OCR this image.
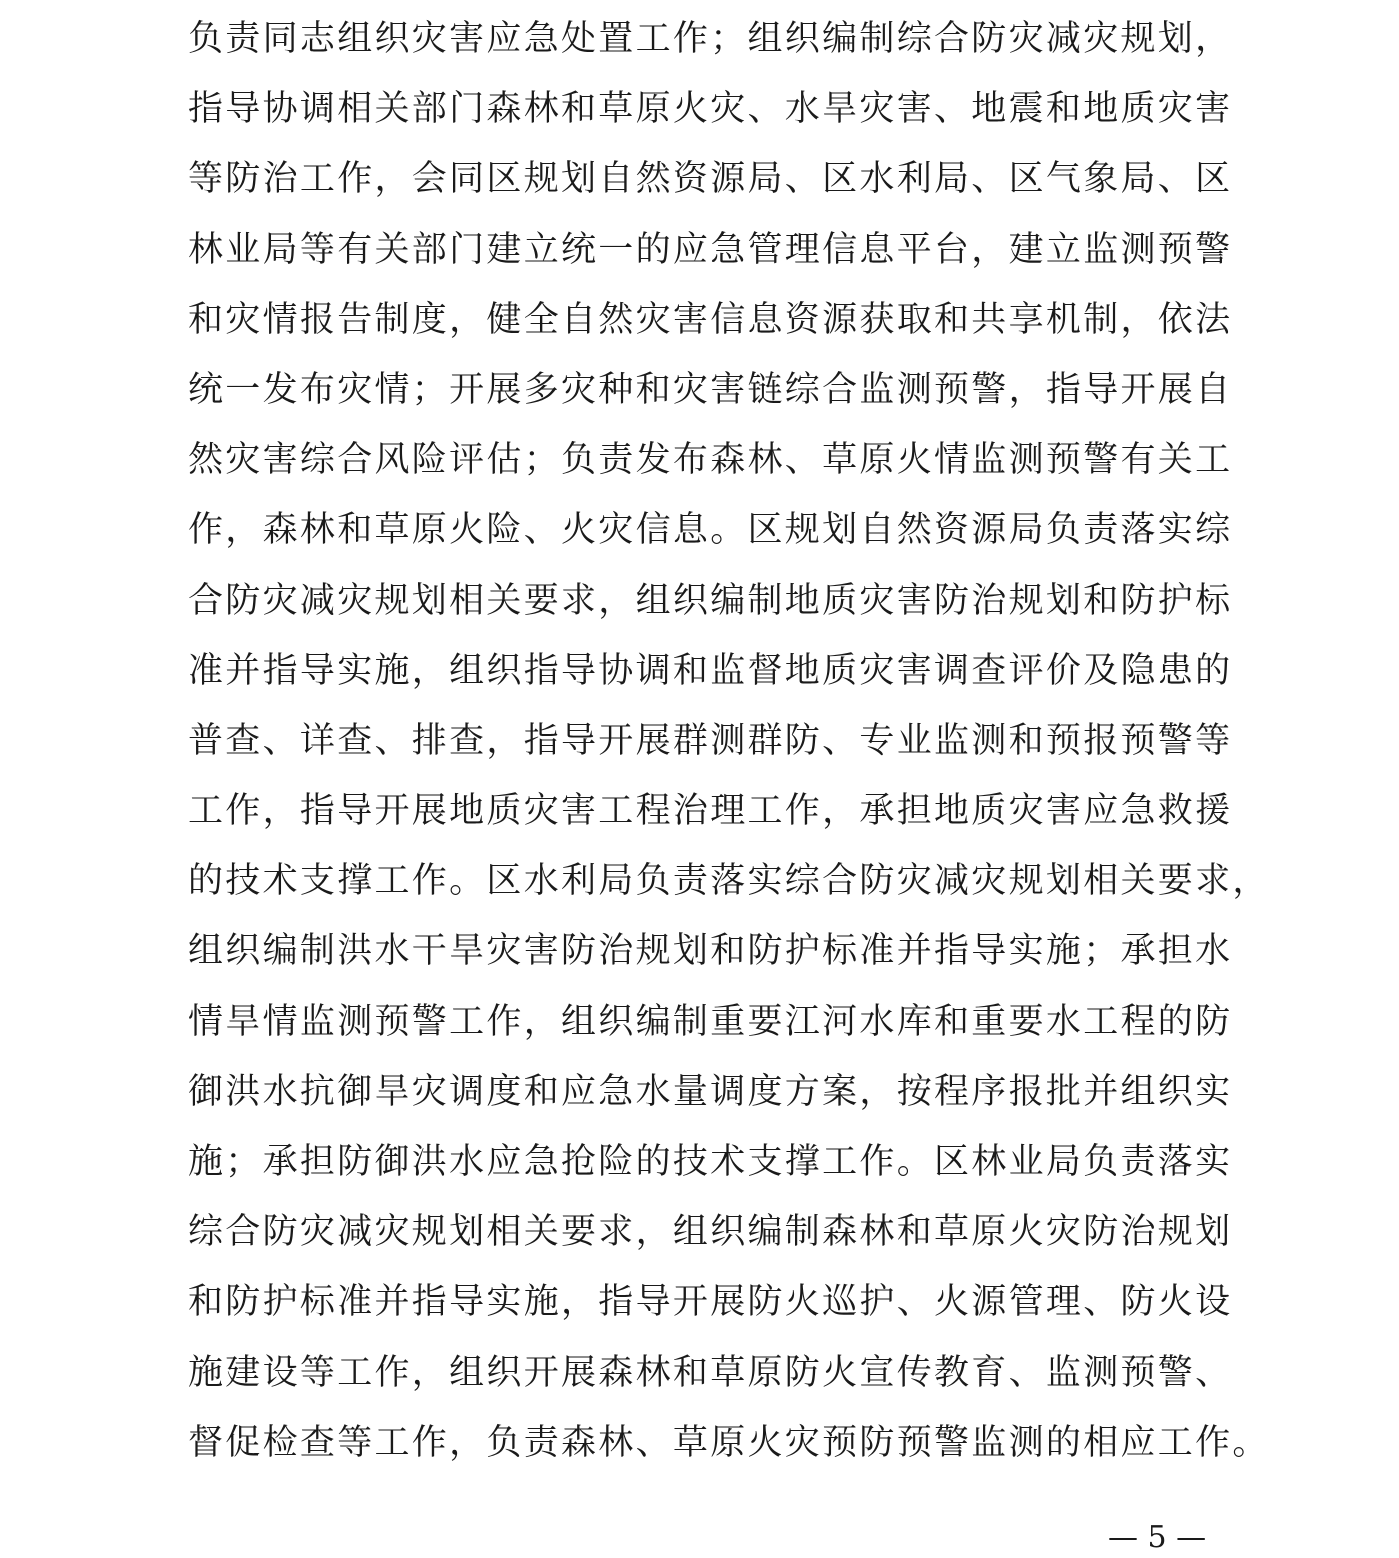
负责同志组织灾害应急处置工作；组织编制综合防灾减灾规划，
指导协调相关部门森林和草原火灾、水旱灾害、地震和地质灾害
等防治工作，会同区规划自然资源局、区水利局、区气象局、区
林业局等有关部门建立统一的应急管理信息平台，建立监测预警
和灾情报告制度，健全自然灾害信息资源获取和共享机制，依法
统一发布灾情；开展多灾种和灾害链综合监测预警，指导开展自
然灾害综合风险评估；负责发布森林、草原火情监测预警有关工
作，森林和草原火险、火灾信息。区规划自然资源局负责落实综
合防灾减灾规划相关要求，组织编制地质灾害防治规划和防护标
准并指导实施，组织指导协调和监督地质灾害调查评价及隐患的
普查、详查、排查，指导开展群测群防、专业监测和预报预警等
工作，指导开展地质灾害工程治理工作，承担地质灾害应急救援
的技术支撑工作。区水利局负责落实综合防灾减灾规划相关要求，
组织编制洪水干旱灾害防治规划和防护标准并指导实施；承担水
情旱情监测预警工作，组织编制重要江河水库和重要水工程的防
御洪水抗御旱灾调度和应急水量调度方案，按程序报批并组织实
施；承担防御洪水应急抢险的技术支撑工作。区林业局负责落实
综合防灾减灾规划相关要求，组织编制森林和草原火灾防治规划
和防护标准并指导实施，指导开展防火巡护、火源管理、防火设
施建设等工作，组织开展森林和草原防火宣传教育、监测预警、
督促检查等工作，负责森林、草原火灾预防预警监测的相应工作。
— 5 —
